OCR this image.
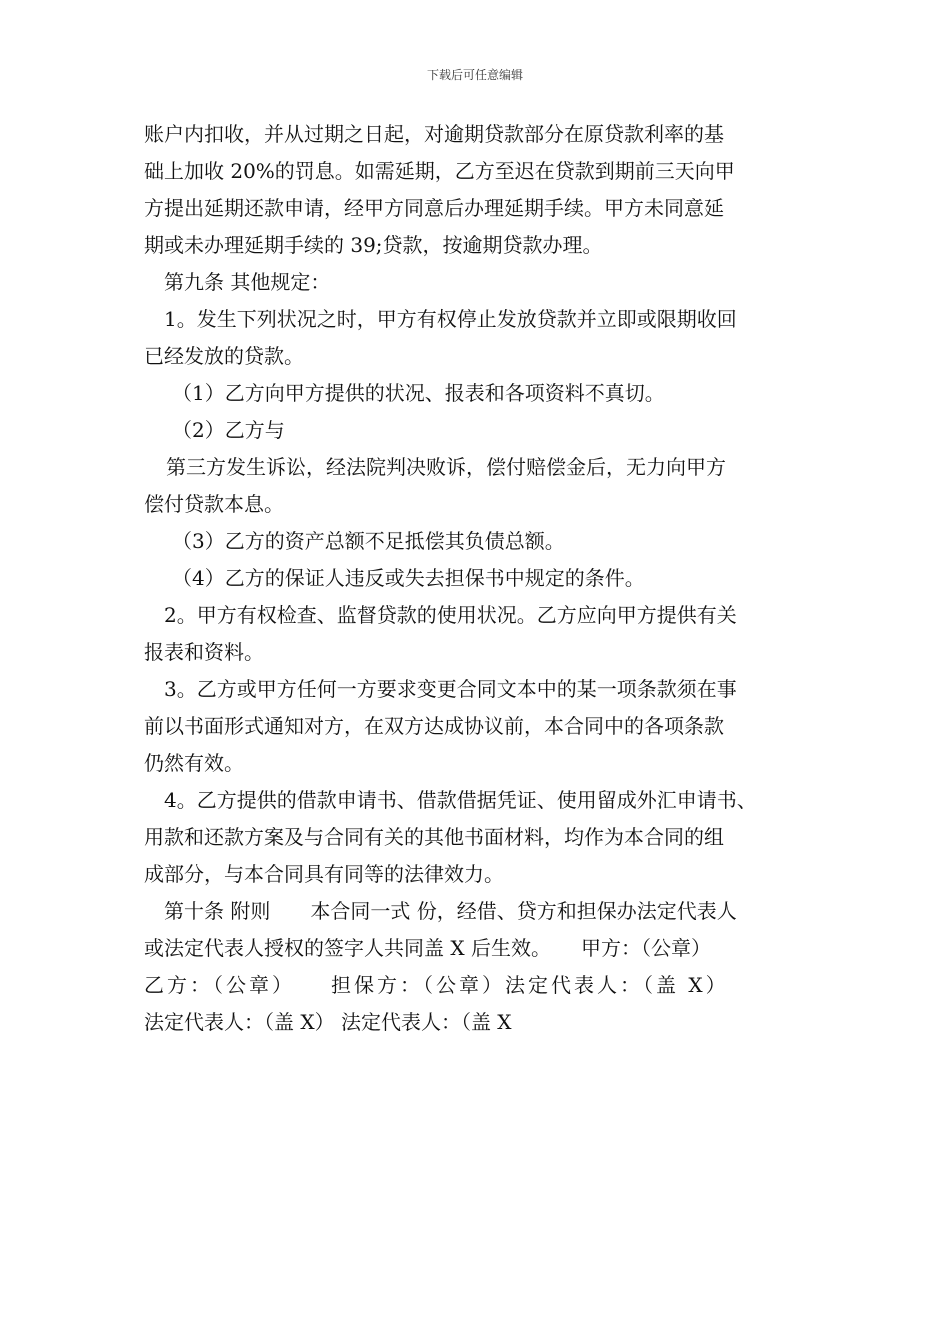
下载后可任意编辑

账户内扣收，并从过期之日起，对逾期贷款部分在原贷款利率的基

础上加收 20%的罚息。如需延期，乙方至迟在贷款到期前三天向甲

方提出延期还款申请，经甲方同意后办理延期手续。甲方未同意延

期或未办理延期手续的 39;贷款，按逾期贷款办理。

第九条 其他规定：

1。发生下列状况之时，甲方有权停止发放贷款并立即或限期收回

已经发放的贷款。

（1）乙方向甲方提供的状况、报表和各项资料不真切。

（2）乙方与

第三方发生诉讼，经法院判决败诉，偿付赔偿金后，无力向甲方

偿付贷款本息。

（3）乙方的资产总额不足抵偿其负债总额。

（4）乙方的保证人违反或失去担保书中规定的条件。

2。甲方有权检查、监督贷款的使用状况。乙方应向甲方提供有关

报表和资料。

3。乙方或甲方任何一方要求变更合同文本中的某一项条款须在事

前以书面形式通知对方，在双方达成协议前，本合同中的各项条款

仍然有效。

4。乙方提供的借款申请书、借款借据凭证、使用留成外汇申请书、

用款和还款方案及与合同有关的其他书面材料，均作为本合同的组

成部分，与本合同具有同等的法律效力。

第十条 附则　　本合同一式 份，经借、贷方和担保办法定代表人

或法定代表人授权的签字人共同盖 X 后生效。　　甲方：（公章）

乙方：（公章）　　担保方：（公章）法定代表人：（盖 X）

法定代表人：（盖 X） 法定代表人：（盖 X
